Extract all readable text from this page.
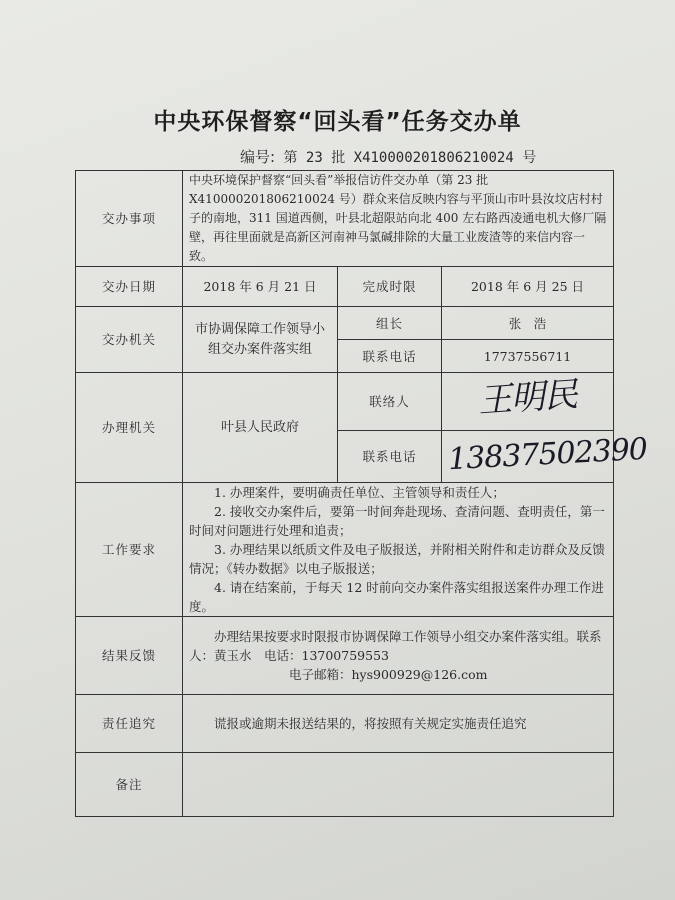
中央环保督察“回头看”任务交办单
编号: 第 23 批 X410000201806210024 号
交办事项	中央环境保护督察“回头看”举报信访件交办单（第 23 批 X410000201806210024 号）群众来信反映内容与平顶山市叶县汝坟店村村子的南地，311 国道西侧，叶县北超限站向北 400 左右路西凌通电机大修厂隔壁，再往里面就是高新区河南神马氯碱排除的大量工业废渣等的来信内容一致。		
交办日期	2018 年 6 月 21 日	完成时限	2018 年 6 月 25 日
交办机关	市协调保障工作领导小组交办案件落实组	组长	张　浩
		联系电话	17737556711
办理机关	叶县人民政府	联络人	王明民
		联系电话	13837502390
工作要求	1. 办理案件，要明确责任单位、主管领导和责任人；

2. 接收交办案件后，要第一时间奔赴现场、查清问题、查明责任，第一时间对问题进行处理和追责；

3. 办理结果以纸质文件及电子版报送，并附相关附件和走访群众及反馈情况；《转办数据》以电子版报送；

4. 请在结案前，于每天 12 时前向交办案件落实组报送案件办理工作进度。		

结果反馈	办理结果按要求时限报市协调保障工作领导小组交办案件落实组。联系人：黄玉水　电话：13700759553
电子邮箱：hys900929@126.com		

责任追究	谎报或逾期未报送结果的，将按照有关规定实施责任追究		
备注			
